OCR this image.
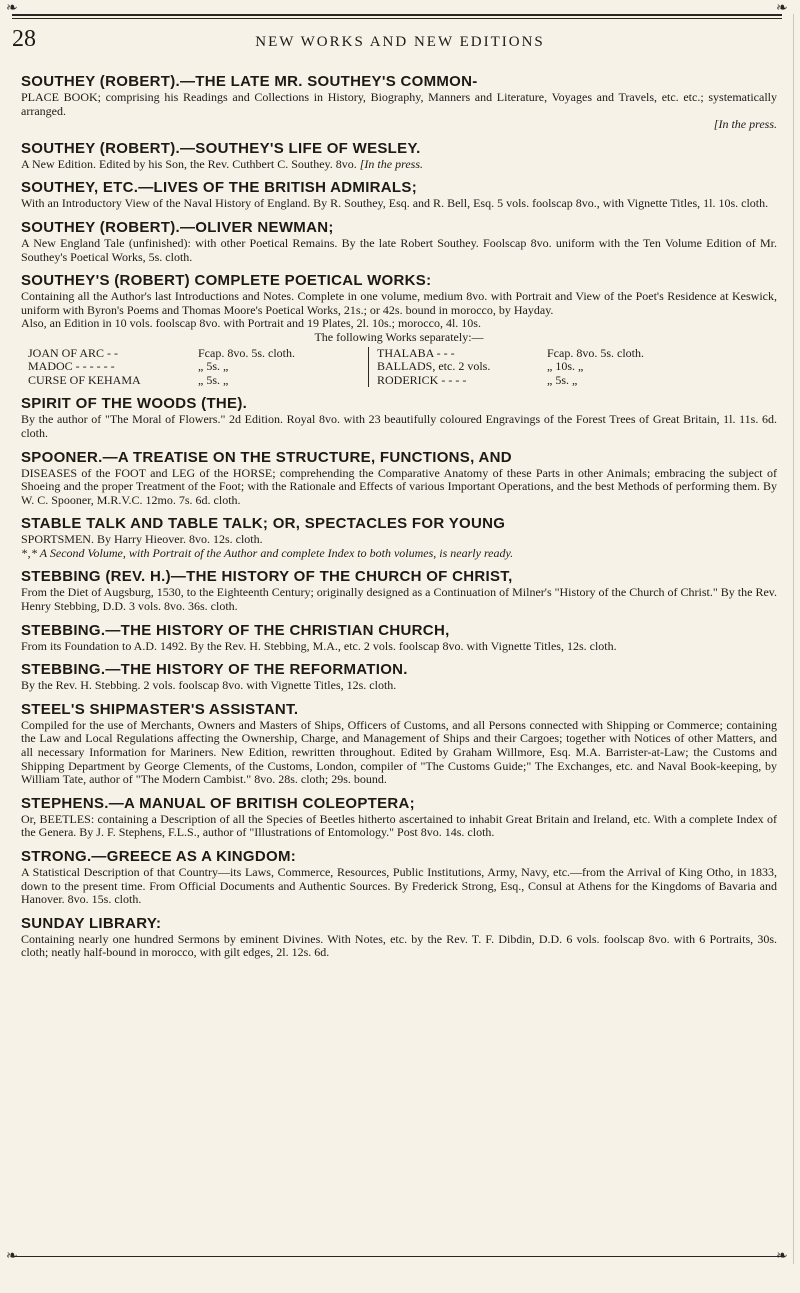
❧	❧
28	NEW WORKS AND NEW EDITIONS
SOUTHEY (ROBERT).—THE LATE MR. SOUTHEY'S COMMON-
PLACE BOOK; comprising his Readings and Collections in History, Biography, Manners and Literature, Voyages and Travels, etc. etc.; systematically arranged.
[In the press.
SOUTHEY (ROBERT).—SOUTHEY'S LIFE OF WESLEY.
A New Edition. Edited by his Son, the Rev. Cuthbert C. Southey. 8vo. [In the press.
SOUTHEY, ETC.—LIVES OF THE BRITISH ADMIRALS;
With an Introductory View of the Naval History of England. By R. Southey, Esq. and R. Bell, Esq. 5 vols. foolscap 8vo., with Vignette Titles, 1l. 10s. cloth.
SOUTHEY (ROBERT).—OLIVER NEWMAN;
A New England Tale (unfinished): with other Poetical Remains. By the late Robert Southey. Foolscap 8vo. uniform with the Ten Volume Edition of Mr. Southey's Poetical Works, 5s. cloth.
SOUTHEY'S (ROBERT) COMPLETE POETICAL WORKS:
Containing all the Author's last Introductions and Notes. Complete in one volume, medium 8vo. with Portrait and View of the Poet's Residence at Keswick, uniform with Byron's Poems and Thomas Moore's Poetical Works, 21s.; or 42s. bound in morocco, by Hayday.
Also, an Edition in 10 vols. foolscap 8vo. with Portrait and 19 Plates, 2l. 10s.; morocco, 4l. 10s.
The following Works separately:—
JOAN OF ARC - -	Fcap. 8vo. 5s. cloth.
MADOC - - - - - -	„ 5s. „
CURSE OF KEHAMA	„ 5s. „
THALABA - - -	Fcap. 8vo. 5s. cloth.
BALLADS, etc. 2 vols.	„ 10s. „
RODERICK - - - -	„ 5s. „
SPIRIT OF THE WOODS (THE).
By the author of "The Moral of Flowers." 2d Edition. Royal 8vo. with 23 beautifully coloured Engravings of the Forest Trees of Great Britain, 1l. 11s. 6d. cloth.
SPOONER.—A TREATISE ON THE STRUCTURE, FUNCTIONS, AND
DISEASES of the FOOT and LEG of the HORSE; comprehending the Comparative Anatomy of these Parts in other Animals; embracing the subject of Shoeing and the proper Treatment of the Foot; with the Rationale and Effects of various Important Operations, and the best Methods of performing them. By W. C. Spooner, M.R.V.C. 12mo. 7s. 6d. cloth.
STABLE TALK AND TABLE TALK; OR, SPECTACLES FOR YOUNG
SPORTSMEN. By Harry Hieover. 8vo. 12s. cloth.
*‚* A Second Volume, with Portrait of the Author and complete Index to both volumes, is nearly ready.
STEBBING (REV. H.)—THE HISTORY OF THE CHURCH OF CHRIST,
From the Diet of Augsburg, 1530, to the Eighteenth Century; originally designed as a Continuation of Milner's "History of the Church of Christ." By the Rev. Henry Stebbing, D.D. 3 vols. 8vo. 36s. cloth.
STEBBING.—THE HISTORY OF THE CHRISTIAN CHURCH,
From its Foundation to A.D. 1492. By the Rev. H. Stebbing, M.A., etc. 2 vols. foolscap 8vo. with Vignette Titles, 12s. cloth.
STEBBING.—THE HISTORY OF THE REFORMATION.
By the Rev. H. Stebbing. 2 vols. foolscap 8vo. with Vignette Titles, 12s. cloth.
STEEL'S SHIPMASTER'S ASSISTANT.
Compiled for the use of Merchants, Owners and Masters of Ships, Officers of Customs, and all Persons connected with Shipping or Commerce; containing the Law and Local Regulations affecting the Ownership, Charge, and Management of Ships and their Cargoes; together with Notices of other Matters, and all necessary Information for Mariners. New Edition, rewritten throughout. Edited by Graham Willmore, Esq. M.A. Barrister-at-Law; the Customs and Shipping Department by George Clements, of the Customs, London, compiler of "The Customs Guide;" The Exchanges, etc. and Naval Book-keeping, by William Tate, author of "The Modern Cambist." 8vo. 28s. cloth; 29s. bound.
STEPHENS.—A MANUAL OF BRITISH COLEOPTERA;
Or, BEETLES: containing a Description of all the Species of Beetles hitherto ascertained to inhabit Great Britain and Ireland, etc. With a complete Index of the Genera. By J. F. Stephens, F.L.S., author of "Illustrations of Entomology." Post 8vo. 14s. cloth.
STRONG.—GREECE AS A KINGDOM:
A Statistical Description of that Country—its Laws, Commerce, Resources, Public Institutions, Army, Navy, etc.—from the Arrival of King Otho, in 1833, down to the present time. From Official Documents and Authentic Sources. By Frederick Strong, Esq., Consul at Athens for the Kingdoms of Bavaria and Hanover. 8vo. 15s. cloth.
SUNDAY LIBRARY:
Containing nearly one hundred Sermons by eminent Divines. With Notes, etc. by the Rev. T. F. Dibdin, D.D. 6 vols. foolscap 8vo. with 6 Portraits, 30s. cloth; neatly half-bound in morocco, with gilt edges, 2l. 12s. 6d.
❧	❧
